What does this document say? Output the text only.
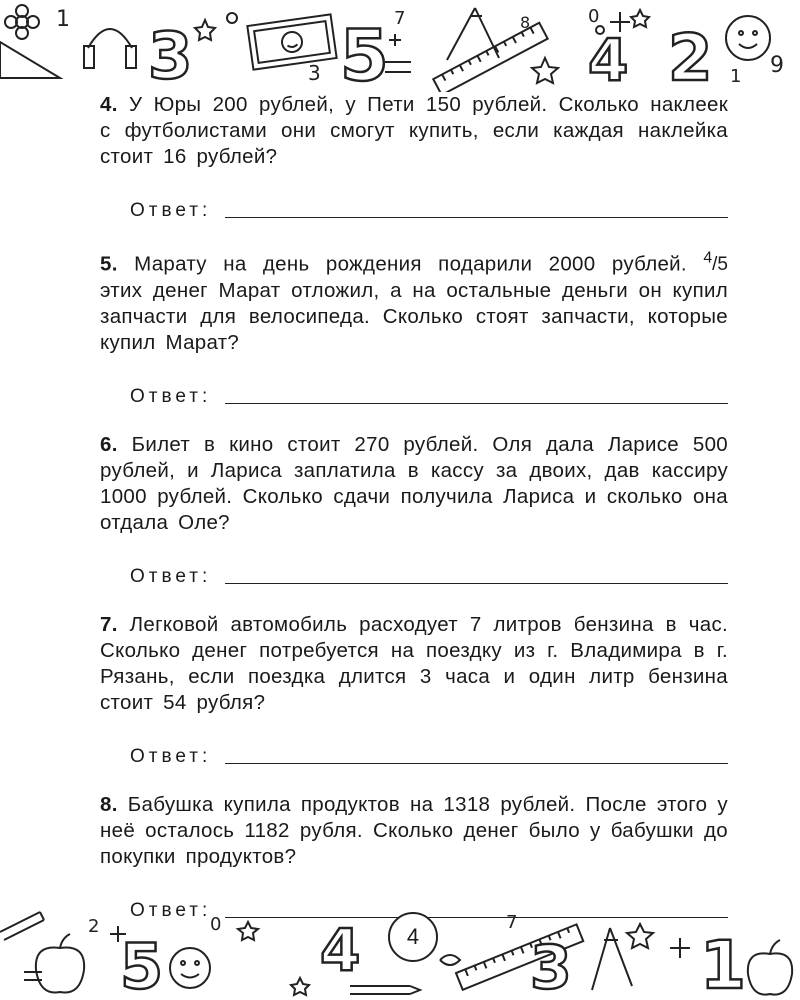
3 5	4 2
1
1 9
3
0
7	8
4. У Юры 200 рублей, у Пети 150 рублей. Сколько наклеек с футболистами они смогут купить, если каждая наклейка стоит 16 рублей?
Ответ:
5. Марату на день рождения подарили 2000 рублей. $^4$/5 этих денег Марат отложил, а на остальные деньги он купил запчасти для велосипеда. Сколько стоят запчасти, которые купил Марат?
Ответ:
6. Билет в кино стоит 270 рублей. Оля дала Ларисе 500 рублей, и Лариса заплатила в кассу за двоих, дав кассиру 1000 рублей. Сколько сдачи получила Лариса и сколько она отдала Оле?
Ответ:
7. Легковой автомобиль расходует 7 литров бензина в час. Сколько денег потребуется на поездку из г. Владимира в г. Рязань, если поездка длится 3 часа и один литр бензина стоит 54 рубля?
Ответ:
8. Бабушка купила продуктов на 1318 рублей. После этого у неё осталось 1182 рубля. Сколько денег было у бабушки до покупки продуктов?
Ответ:
5	4	3 1
2	0	7
4
